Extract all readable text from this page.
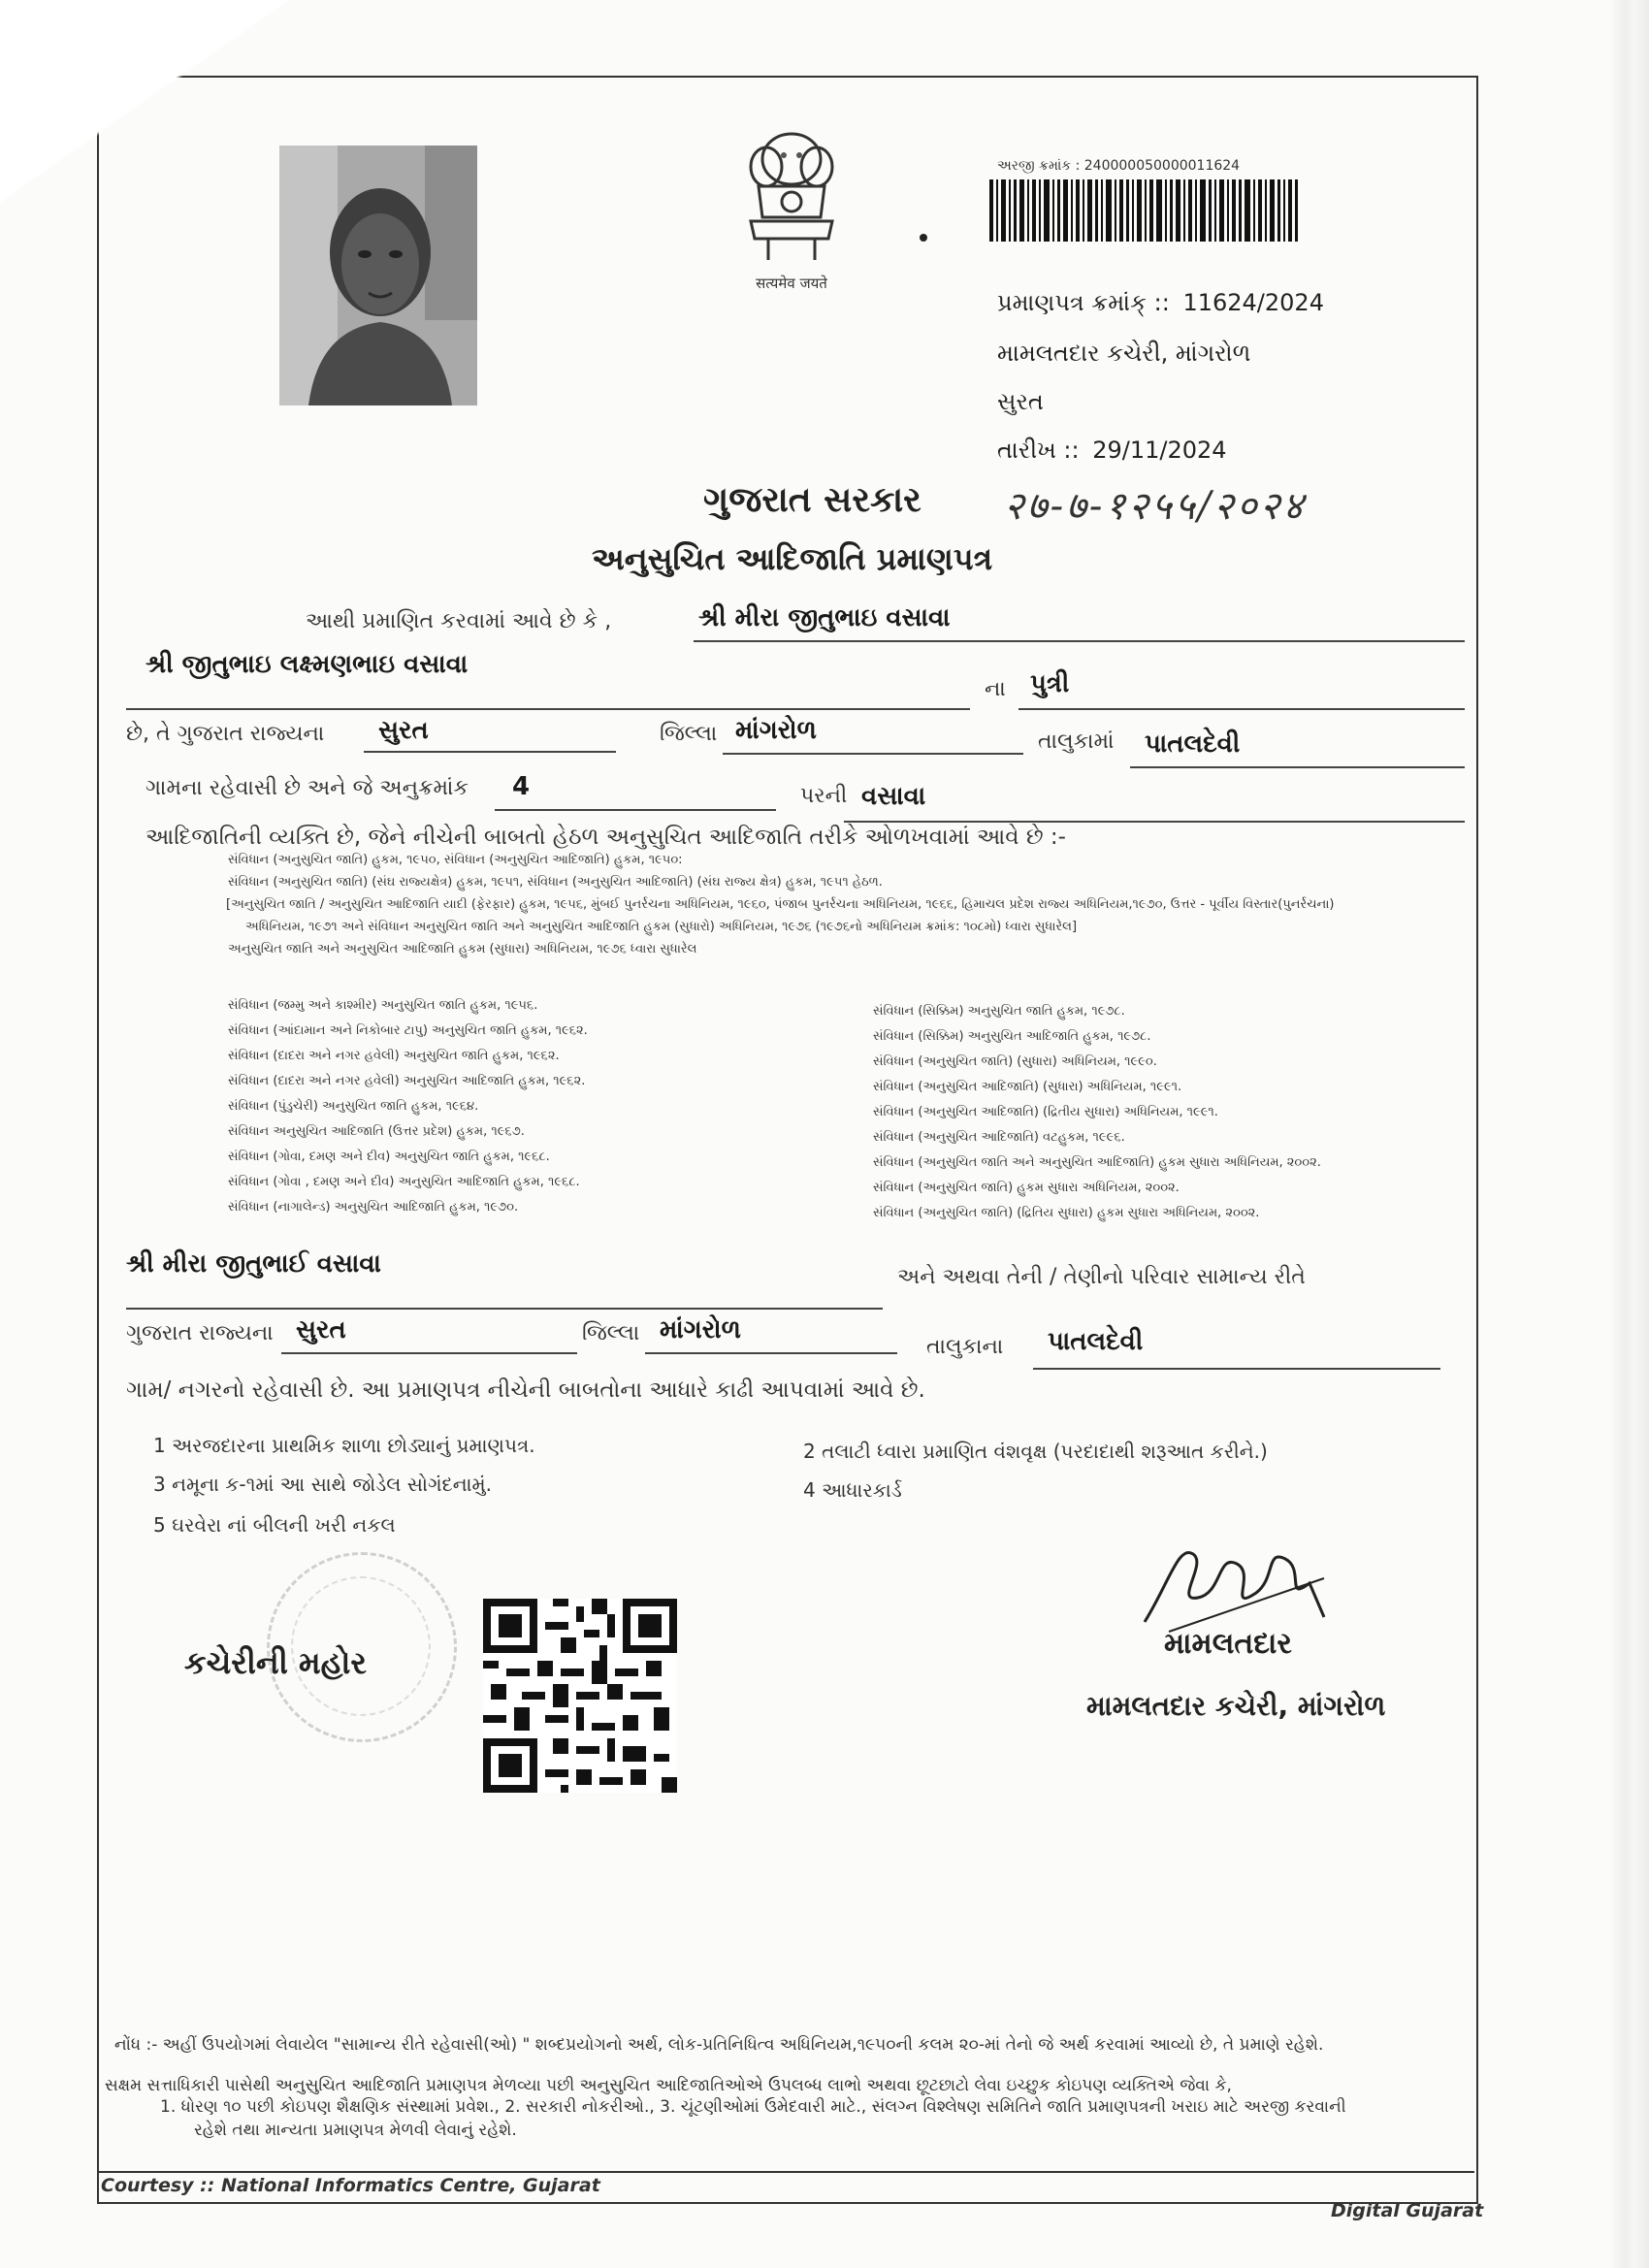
सत्यमेव जयते
અરજી ક્રમાંક : 2400000500000116​24
પ્રમાણપત્ર ક્રમાંક્ :: 11624/2024
મામલતદાર કચેરી, માંગરોળ
સુરત
તારીખ :: 29/11/2024
२७-७-१२५५/२०२४
ગુજરાત સરકાર
અનુસુચિત આદિજાતિ પ્રમાણપત્ર
આથી પ્રમાણિત કરવામાં આવે છે કે ,	શ્રી મીરા જીતુભાઇ વસાવા
શ્રી જીતુભાઇ લક્ષ્મણભાઇ વસાવા
ના પુત્રી
છે, તે ગુજરાત રાજ્યના સુરત	જિલ્લા માંગરોળ	તાલુકામાં પાતલદેવી
ગામના રહેવાસી છે અને જે અનુક્રમાંક 4	પરની વસાવા
આદિજાતિની વ્યક્તિ છે, જેને નીચેની બાબતો હેઠળ અનુસુચિત આદિજાતિ તરીકે ઓળખવામાં આવે છે :-
સંવિધાન (અનુસુચિત જાતિ) હુકમ, ૧૯૫૦, સંવિધાન (અનુસુચિત આદિજાતિ) હુકમ, ૧૯૫૦:
સંવિધાન (અનુસુચિત જાતિ) (સંઘ રાજ્યક્ષેત્ર) હુકમ, ૧૯૫૧, સંવિધાન (અનુસુચિત આદિજાતિ) (સંઘ રાજ્ય ક્ષેત્ર) હુકમ, ૧૯૫૧ હેઠળ.
[અનુસુચિત જાતિ / અનુસુચિત આદિજાતિ યાદી (ફેરફાર) હુકમ, ૧૯૫૬, મુંબઈ પુનર્રચના અધિનિયમ, ૧૯૬૦, પંજાબ પુનર્રચના અધિનિયમ, ૧૯૬૬, હિમાચલ પ્રદેશ રાજ્ય અધિનિયમ,૧૯૭૦, ઉત્તર - પૂર્વીય વિસ્તાર(પુનર્રચના)
અધિનિયમ, ૧૯૭૧ અને સંવિધાન અનુસુચિત જાતિ અને અનુસુચિત આદિજાતિ હુકમ (સુધારો) અધિનિયમ, ૧૯૭૬ (૧૯૭૬નો અધિનિયમ ક્રમાંક: ૧૦૮મો) ધ્વારા સુધારેલ]
અનુસુચિત જાતિ અને અનુસુચિત આદિજાતિ હુકમ (સુધારા) અધિનિયમ, ૧૯૭૬ ધ્વારા સુધારેલ
સંવિધાન (જમ્મુ અને કાશ્મીર) અનુસુચિત જાતિ હુકમ, ૧૯૫૬.
સંવિધાન (આંદામાન અને નિકોબાર ટાપુ) અનુસુચિત જાતિ હુકમ, ૧૯૬૨.
સંવિધાન (દાદરા અને નગર હવેલી) અનુસુચિત જાતિ હુકમ, ૧૯૬૨.
સંવિધાન (દાદરા અને નગર હવેલી) અનુસુચિત આદિજાતિ હુકમ, ૧૯૬૨.
સંવિધાન (પુંડુચેરી) અનુસુચિત જાતિ હુકમ, ૧૯૬૪.
સંવિધાન અનુસુચિત આદિજાતિ (ઉત્તર પ્રદેશ) હુકમ, ૧૯૬૭.
સંવિધાન (ગોવા, દમણ અને દીવ) અનુસુચિત જાતિ હુકમ, ૧૯૬૮.
સંવિધાન (ગોવા , દમણ અને દીવ) અનુસુચિત આદિજાતિ હુકમ, ૧૯૬૮.
સંવિધાન (નાગાલેન્ડ) અનુસુચિત આદિજાતિ હુકમ, ૧૯૭૦.
સંવિધાન (સિક્કિમ) અનુસુચિત જાતિ હુકમ, ૧૯૭૮.
સંવિધાન (સિક્કિમ) અનુસુચિત આદિજાતિ હુકમ, ૧૯૭૮.
સંવિધાન (અનુસુચિત જાતિ) (સુધારા) અધિનિયમ, ૧૯૯૦.
સંવિધાન (અનુસુચિત આદિજાતિ) (સુધારા) અધિનિયમ, ૧૯૯૧.
સંવિધાન (અનુસુચિત આદિજાતિ) (દ્રિતીય સુધારા) અધિનિયમ, ૧૯૯૧.
સંવિધાન (અનુસુચિત આદિજાતિ) વટહુકમ, ૧૯૯૬.
સંવિધાન (અનુસુચિત જાતિ અને અનુસુચિત આદિજાતિ) હુકમ સુધારા અધિનિયમ, ૨૦૦૨.
સંવિધાન (અનુસુચિત જાતિ) હુકમ સુધારા અધિનિયમ, ૨૦૦૨.
સંવિધાન (અનુસુચિત જાતિ) (દ્રિતિય સુધારા) હુકમ સુધારા અધિનિયમ, ૨૦૦૨.
શ્રી મીરા જીતુભાઈ વસાવા	અને અથવા તેની / તેણીનો પરિવાર સામાન્ય રીતે
ગુજરાત રાજ્યના સુરત	જિલ્લા માંગરોળ
તાલુકાના પાતલદેવી
ગામ/ નગરનો રહેવાસી છે. આ પ્રમાણપત્ર નીચેની બાબતોના આધારે કાઢી આપવામાં આવે છે.
1 અરજદારના પ્રાથમિક શાળા છોડ્યાનું પ્રમાણપત્ર.	2 તલાટી ધ્વારા પ્રમાણિત વંશવૃક્ષ (પરદાદાથી શરૂઆત કરીને.)
3 નમૂના ક-૧માં આ સાથે જોડેલ સોગંદનામું.	4 આધારકાર્ડ
5 ઘરવેરા નાં બીલની ખરી નકલ
કચેરીની મહોર
મામલતદાર
મામલતદાર કચેરી, માંગરોળ
નોંધ :- અહીં ઉપયોગમાં લેવાયેલ "સામાન્ય રીતે રહેવાસી(ઓ) " શબ્દપ્રયોગનો અર્થ, લોક-પ્રતિનિધિત્વ અધિનિયમ,૧૯૫૦ની કલમ ૨૦-માં તેનો જે અર્થ કરવામાં આવ્યો છે, તે પ્રમાણે રહેશે.
સક્ષમ સત્તાધિકારી પાસેથી અનુસુચિત આદિજાતિ પ્રમાણપત્ર મેળવ્યા પછી અનુસુચિત આદિજાતિઓએ ઉપલબ્ધ લાભો અથવા છૂટછાટો લેવા ઇચ્છુક કોઇપણ વ્યક્તિએ જેવા કે,
1. ધોરણ ૧૦ પછી કોઇપણ શૈક્ષણિક સંસ્થામાં પ્રવેશ., 2. સરકારી નોકરીઓ., 3. ચૂંટણીઓમાં ઉમેદવારી માટે., સંલગ્ન વિશ્લેષણ સમિતિને જાતિ પ્રમાણપત્રની ખરાઇ માટે અરજી કરવાની
રહેશે તથા માન્યતા પ્રમાણપત્ર મેળવી લેવાનું રહેશે.
Courtesy :: National Informatics Centre, Gujarat
Digital Gujarat
